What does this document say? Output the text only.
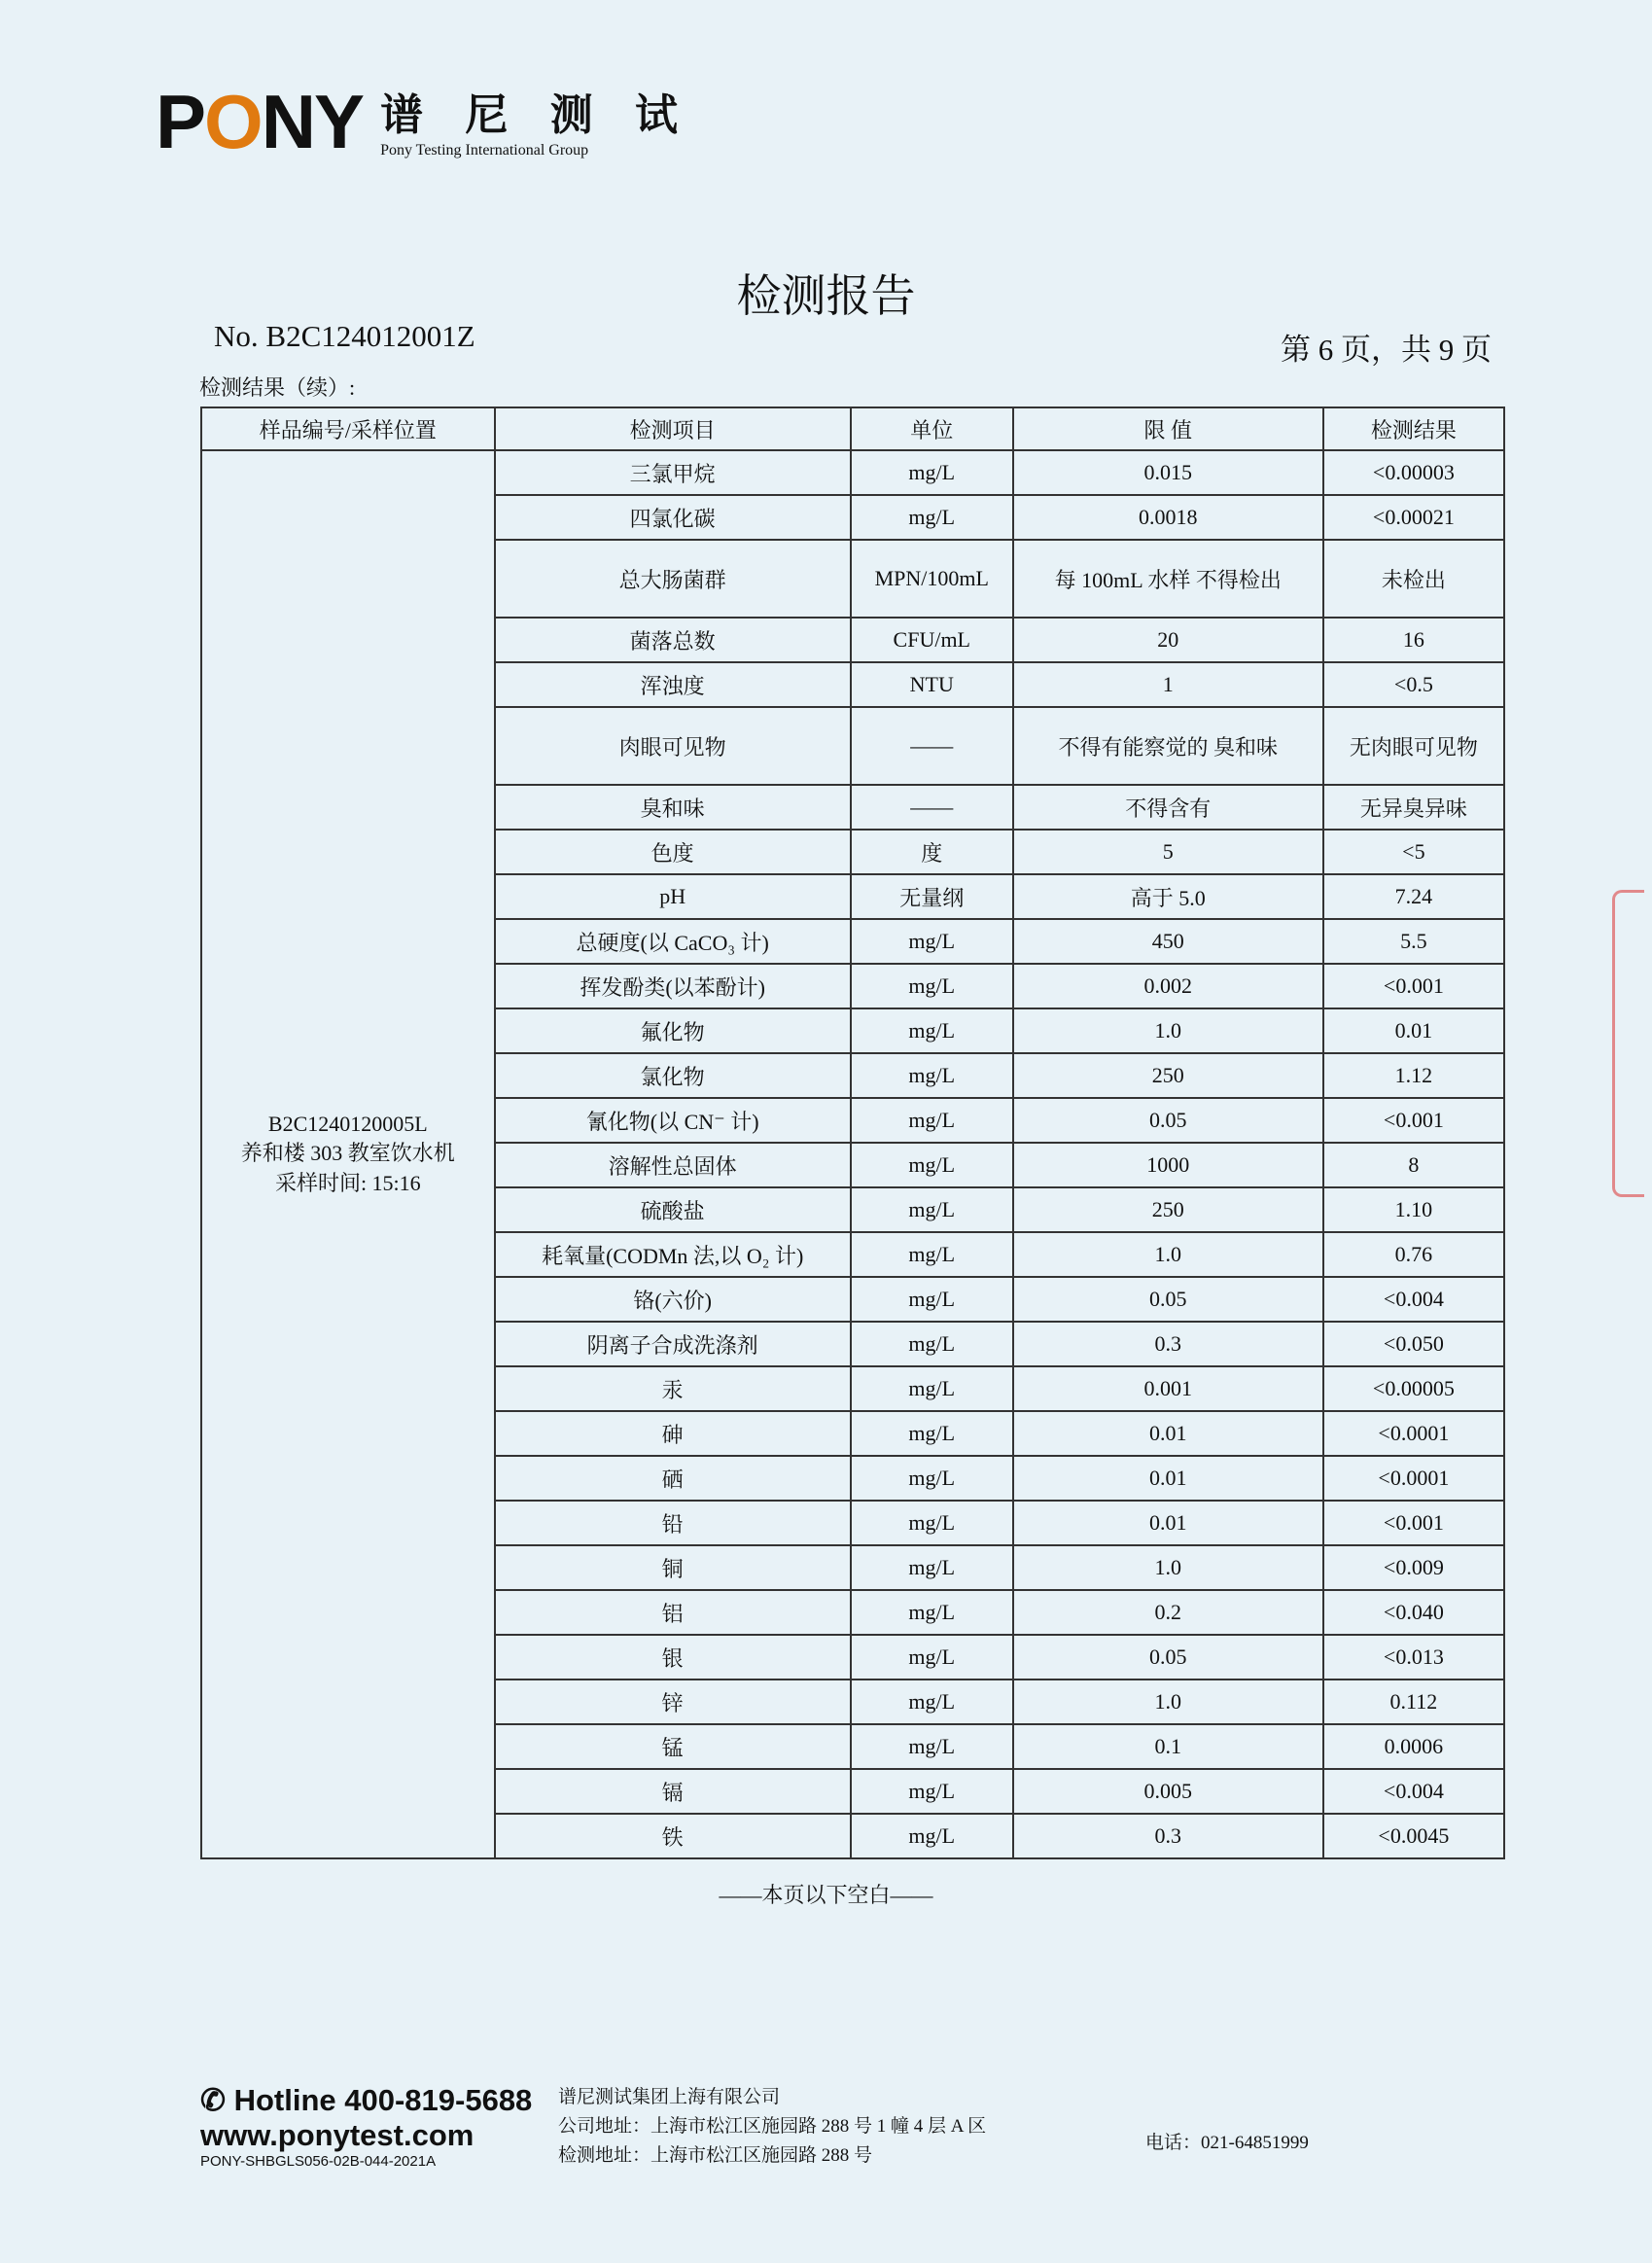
PONY 谱 尼 测 试
Pony Testing International Group
检测报告
No. B2C124012001Z	第 6 页，共 9 页
检测结果（续）:
样品编号/采样位置	检测项目	单位	限 值	检测结果

B2C1240120005L
养和楼 303 教室饮水机
采样时间: 15:16	三氯甲烷	mg/L	0.015	<0.00003
	四氯化碳	mg/L	0.0018	<0.00021
	总大肠菌群	MPN/100mL	每 100mL 水样 不得检出	未检出
	菌落总数	CFU/mL	20	16
	浑浊度	NTU	1	<0.5
	肉眼可见物	——	不得有能察觉的 臭和味	无肉眼可见物
	臭和味	——	不得含有	无异臭异味
	色度	度	5	<5
	pH	无量纲	高于 5.0	7.24
	总硬度(以 CaCO₃ 计)	mg/L	450	5.5
	挥发酚类(以苯酚计)	mg/L	0.002	<0.001
	氟化物	mg/L	1.0	0.01
	氯化物	mg/L	250	1.12
	氰化物(以 CN⁻ 计)	mg/L	0.05	<0.001
	溶解性总固体	mg/L	1000	8
	硫酸盐	mg/L	250	1.10
	耗氧量(CODMn 法,以 O₂ 计)	mg/L	1.0	0.76
	铬(六价)	mg/L	0.05	<0.004
	阴离子合成洗涤剂	mg/L	0.3	<0.050
	汞	mg/L	0.001	<0.00005
	砷	mg/L	0.01	<0.0001
	硒	mg/L	0.01	<0.0001
	铅	mg/L	0.01	<0.001
	铜	mg/L	1.0	<0.009
	铝	mg/L	0.2	<0.040
	银	mg/L	0.05	<0.013
	锌	mg/L	1.0	0.112
	锰	mg/L	0.1	0.0006
	镉	mg/L	0.005	<0.004
	铁	mg/L	0.3	<0.0045
——本页以下空白——
✆ Hotline 400-819-5688
www.ponytest.com
PONY-SHBGLS056-02B-044-2021A
谱尼测试集团上海有限公司
公司地址：上海市松江区施园路 288 号 1 幢 4 层 A 区
检测地址：上海市松江区施园路 288 号
电话：021-64851999
